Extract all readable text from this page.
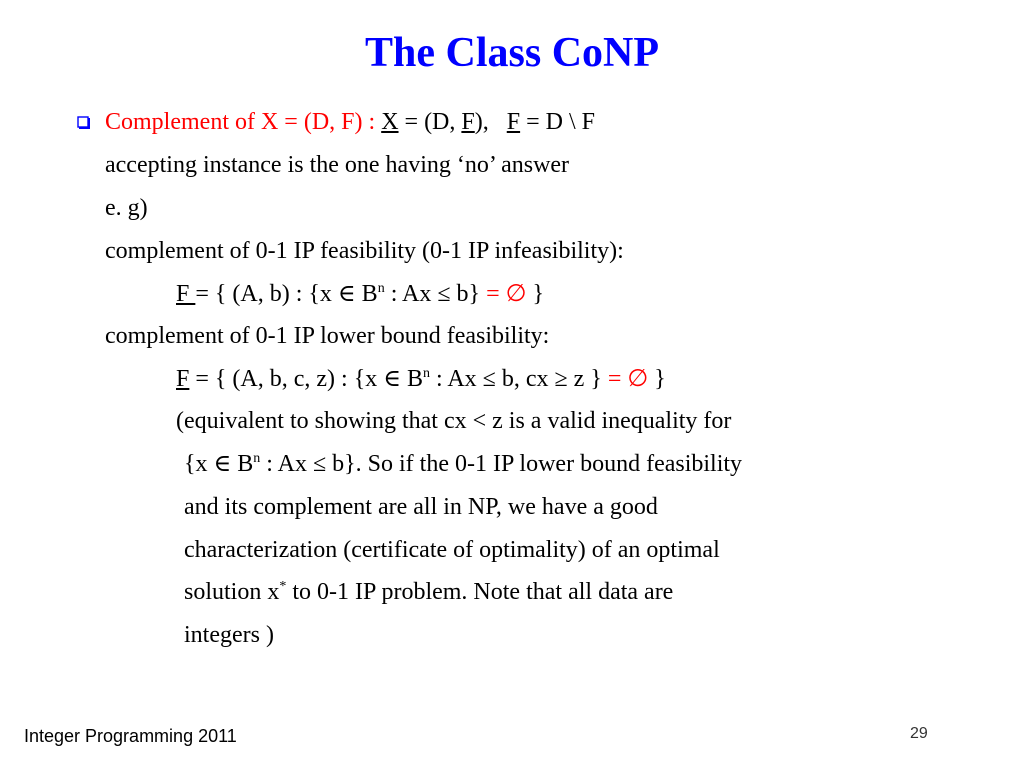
The Class CoNP
Complement of X = (D, F) : X = (D, F), F = D \ F
accepting instance is the one having ‘no’ answer
e. g)
complement of 0-1 IP feasibility (0-1 IP infeasibility):
F = { (A, b) : {x ∈ $B^n$ : Ax ≤ b} = ∅ }
complement of 0-1 IP lower bound feasibility:
F = { (A, b, c, z) : {x ∈ $B^n$ : Ax ≤ b, cx ≥ z } = ∅ }
(equivalent to showing that cx < z is a valid inequality for
{x ∈ $B^n$ : Ax ≤ b}. So if the 0-1 IP lower bound feasibility
and its complement are all in NP, we have a good
characterization (certificate of optimality) of an optimal
solution x* to 0-1 IP problem. Note that all data are
integers )
Integer Programming 2011	29
